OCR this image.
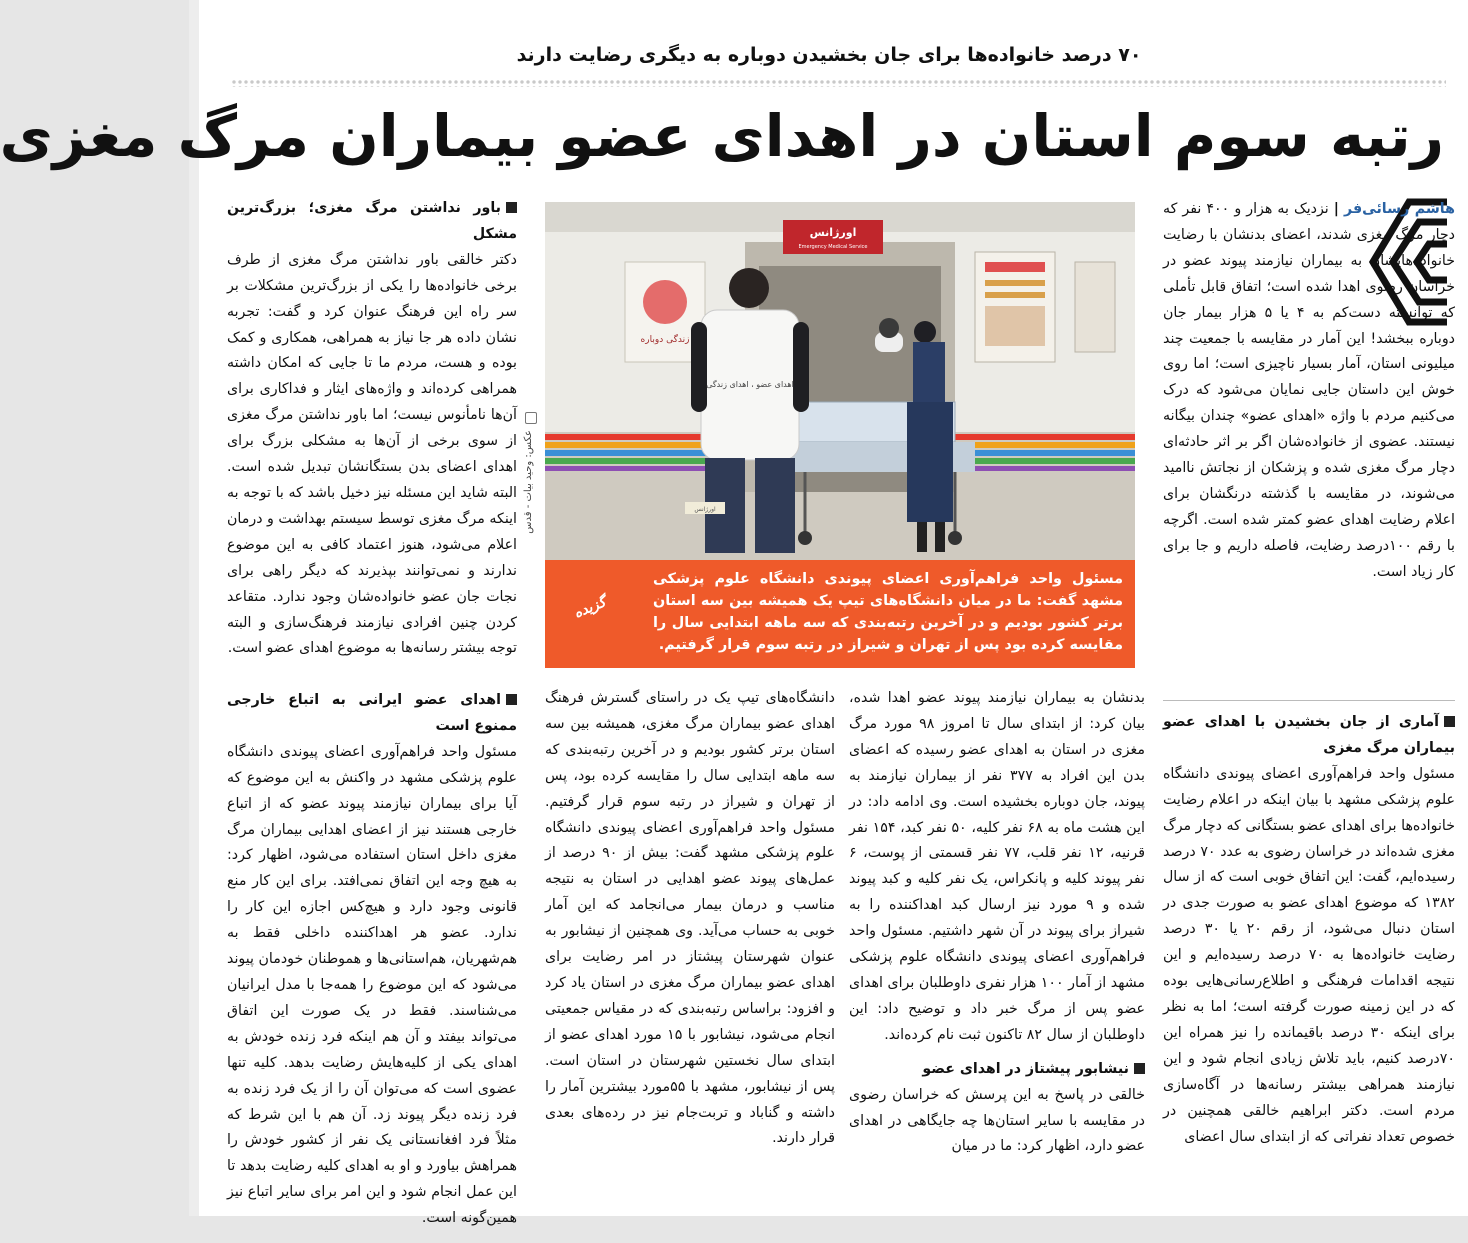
۷۰ درصد خانواده‌ها برای جان بخشیدن دوباره به دیگری رضایت دارند
رتبه سوم استان در اهدای عضو بیماران مرگ مغزی

هاشم رسائی‌فر | نزدیک به هزار و ۴۰۰ نفر که دچار مرگ مغزی شدند، اعضای بدنشان با رضایت خانواده‌هایشان به بیماران نیازمند پیوند عضو در خراسان رضوی اهدا شده است؛ اتفاق قابل تأملی که توانسته دست‌کم به ۴ یا ۵ هزار بیمار جان دوباره ببخشد! این آمار در مقایسه با جمعیت چند میلیونی استان، آمار بسیار ناچیزی است؛ اما روی خوش این داستان جایی نمایان می‌شود که درک می‌کنیم مردم با واژه «اهدای عضو» چندان بیگانه نیستند. عضوی از خانواده‌شان اگر بر اثر حادثه‌ای دچار مرگ مغزی شده و پزشکان از نجاتش ناامید می‌شوند، در مقایسه با گذشته درنگشان برای اعلام رضایت اهدای عضو کمتر شده است. اگرچه با رقم ۱۰۰درصد رضایت، فاصله داریم و جا برای کار زیاد است.

آماری از جان بخشیدن با اهدای عضو بیماران مرگ مغزی

مسئول واحد فراهم‌آوری اعضای پیوندی دانشگاه علوم پزشکی مشهد با بیان اینکه در اعلام رضایت خانواده‌ها برای اهدای عضو بستگانی که دچار مرگ مغزی شده‌اند در خراسان رضوی به عدد ۷۰ درصد رسیده‌ایم، گفت: این اتفاق خوبی است که از سال ۱۳۸۲ که موضوع اهدای عضو به صورت جدی در استان دنبال می‌شود، از رقم ۲۰ یا ۳۰ درصد رضایت خانواده‌ها به ۷۰ درصد رسیده‌ایم و این نتیجه اقدامات فرهنگی و اطلاع‌رسانی‌هایی بوده که در این زمینه صورت گرفته است؛ اما به نظر برای اینکه ۳۰ درصد باقیمانده را نیز همراه این ۷۰درصد کنیم، باید تلاش زیادی انجام شود و این نیازمند همراهی بیشتر رسانه‌ها در آگاه‌سازی مردم است. دکتر ابراهیم خالقی همچنین در خصوص تعداد نفراتی که از ابتدای سال اعضای

بدنشان به بیماران نیازمند پیوند عضو اهدا شده، بیان کرد: از ابتدای سال تا امروز ۹۸ مورد مرگ مغزی در استان به اهدای عضو رسیده که اعضای بدن این افراد به ۳۷۷ نفر از بیماران نیازمند به پیوند، جان دوباره بخشیده است. وی ادامه داد: در این هشت ماه به ۶۸ نفر کلیه، ۵۰ نفر کبد، ۱۵۴ نفر قرنیه، ۱۲ نفر قلب، ۷۷ نفر قسمتی از پوست، ۶ نفر پیوند کلیه و پانکراس، یک نفر کلیه و کبد پیوند شده و ۹ مورد نیز ارسال کبد اهداکننده را به شیراز برای پیوند در آن شهر داشتیم. مسئول واحد فراهم‌آوری اعضای پیوندی دانشگاه علوم پزشکی مشهد از آمار ۱۰۰ هزار نفری داوطلبان برای اهدای عضو پس از مرگ خبر داد و توضیح داد: این داوطلبان از سال ۸۲ تاکنون ثبت نام کرده‌اند.

نیشابور پیشتاز در اهدای عضو

خالقی در پاسخ به این پرسش که خراسان رضوی در مقایسه با سایر استان‌ها چه جایگاهی در اهدای عضو دارد، اظهار کرد: ما در میان

دانشگاه‌های تیپ یک در راستای گسترش فرهنگ اهدای عضو بیماران مرگ مغزی، همیشه بین سه استان برتر کشور بودیم و در آخرین رتبه‌بندی که سه ماهه ابتدایی سال را مقایسه کرده بود، پس از تهران و شیراز در رتبه سوم قرار گرفتیم. مسئول واحد فراهم‌آوری اعضای پیوندی دانشگاه علوم پزشکی مشهد گفت: بیش از ۹۰ درصد از عمل‌های پیوند عضو اهدایی در استان به نتیجه مناسب و درمان بیمار می‌انجامد که این آمار خوبی به حساب می‌آید. وی همچنین از نیشابور به عنوان شهرستان پیشتاز در امر رضایت برای اهدای عضو بیماران مرگ مغزی در استان یاد کرد و افزود: براساس رتبه‌بندی که در مقیاس جمعیتی انجام می‌شود، نیشابور با ۱۵ مورد اهدای عضو از ابتدای سال نخستین شهرستان در استان است. پس از نیشابور، مشهد با ۵۵مورد بیشترین آمار را داشته و گناباد و تربت‌جام نیز در رده‌های بعدی قرار دارند.

باور نداشتن مرگ مغزی؛ بزرگ‌ترین مشکل

دکتر خالقی باور نداشتن مرگ مغزی از طرف برخی خانواده‌ها را یکی از بزرگ‌ترین مشکلات بر سر راه این فرهنگ عنوان کرد و گفت: تجربه نشان داده هر جا نیاز به همراهی، همکاری و کمک بوده و هست، مردم ما تا جایی که امکان داشته همراهی کرده‌اند و واژه‌های ایثار و فداکاری برای آن‌ها نامأنوس نیست؛ اما باور نداشتن مرگ مغزی از سوی برخی از آن‌ها به مشکلی بزرگ برای اهدای اعضای بدن بستگانشان تبدیل شده است. البته شاید این مسئله نیز دخیل باشد که با توجه به اینکه مرگ مغزی توسط سیستم بهداشت و درمان اعلام می‌شود، هنوز اعتماد کافی به این موضوع ندارند و نمی‌توانند بپذیرند که دیگر راهی برای نجات جان عضو خانواده‌شان وجود ندارد. متقاعد کردن چنین افرادی نیازمند فرهنگ‌سازی و البته توجه بیشتر رسانه‌ها به موضوع اهدای عضو است.

اهدای عضو ایرانی به اتباع خارجی ممنوع است

مسئول واحد فراهم‌آوری اعضای پیوندی دانشگاه علوم پزشکی مشهد در واکنش به این موضوع که آیا برای بیماران نیازمند پیوند عضو که از اتباع خارجی هستند نیز از اعضای اهدایی بیماران مرگ مغزی داخل استان استفاده می‌شود، اظهار کرد: به هیچ وجه این اتفاق نمی‌افتد. برای این کار منع قانونی وجود دارد و هیچ‌کس اجازه این کار را ندارد. عضو هر اهداکننده داخلی فقط به هم‌شهریان، هم‌استانی‌ها و هموطنان خودمان پیوند می‌شود که این موضوع را همه‌جا با مدل ایرانیان می‌شناسند. فقط در یک صورت این اتفاق می‌تواند بیفتد و آن هم اینکه فرد زنده خودش به اهدای یکی از کلیه‌هایش رضایت بدهد. کلیه تنها عضوی است که می‌توان آن را از یک فرد زنده به فرد زنده دیگر پیوند زد. آن هم با این شرط که مثلاً فرد افغانستانی یک نفر از کشور خودش را همراهش بیاورد و او به اهدای کلیه رضایت بدهد تا این عمل انجام شود و این امر برای سایر اتباع نیز همین‌گونه است.

زندگی دوباره
اورژانس
Emergency Medical Service
اهدای عضو ، اهدای زندگی
اورژانس
عکس: وحید بیات - قدس
مسئول واحد فراهم‌آوری اعضای پیوندی دانشگاه علوم پزشکی مشهد گفت: ما در میان دانشگاه‌های تیپ یک همیشه بین سه استان برتر کشور بودیم و در آخرین رتبه‌بندی که سه ماهه ابتدایی سال را مقایسه کرده بود پس از تهران و شیراز در رتبه سوم قرار گرفتیم.
گزیده
